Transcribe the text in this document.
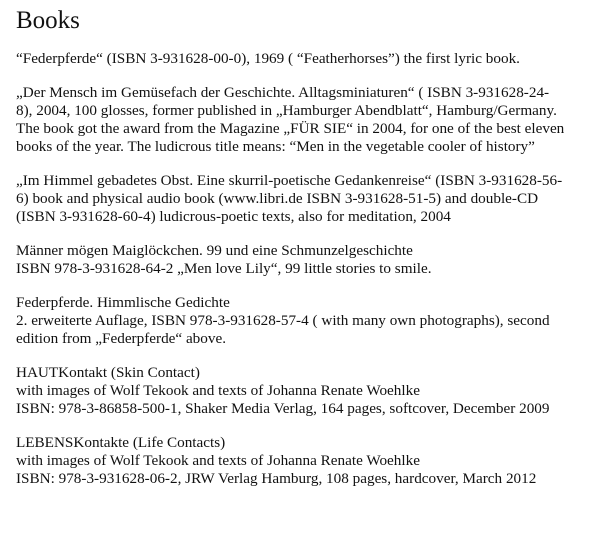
Books
“Federpferde“ (ISBN 3-931628-00-0), 1969 ( “Featherhorses”) the first lyric book.
„Der Mensch im Gemüsefach der Geschichte. Alltagsminiaturen“ ( ISBN 3-931628-24-
8), 2004, 100 glosses, former published in „Hamburger Abendblatt“, Hamburg/Germany.
The book got the award from the Magazine „FÜR SIE“ in 2004, for one of the best eleven
books of the year. The ludicrous title means: “Men in the vegetable cooler of history”
„Im Himmel gebadetes Obst. Eine skurril-poetische Gedankenreise“ (ISBN 3-931628-56-
6) book and physical audio book (www.libri.de ISBN 3-931628-51-5) and double-CD
(ISBN 3-931628-60-4) ludicrous-poetic texts, also for meditation, 2004
Männer mögen Maiglöckchen. 99 und eine Schmunzelgeschichte
ISBN 978-3-931628-64-2 „Men love Lily“, 99 little stories to smile.
Federpferde. Himmlische Gedichte
2. erweiterte Auflage, ISBN 978-3-931628-57-4 ( with many own photographs), second
edition from „Federpferde“ above.
HAUTKontakt (Skin Contact)
with images of Wolf Tekook and texts of Johanna Renate Woehlke
ISBN: 978-3-86858-500-1, Shaker Media Verlag, 164 pages, softcover, December 2009
LEBENSKontakte (Life Contacts)
with images of Wolf Tekook and texts of Johanna Renate Woehlke
ISBN: 978-3-931628-06-2, JRW Verlag Hamburg, 108 pages, hardcover, March 2012
